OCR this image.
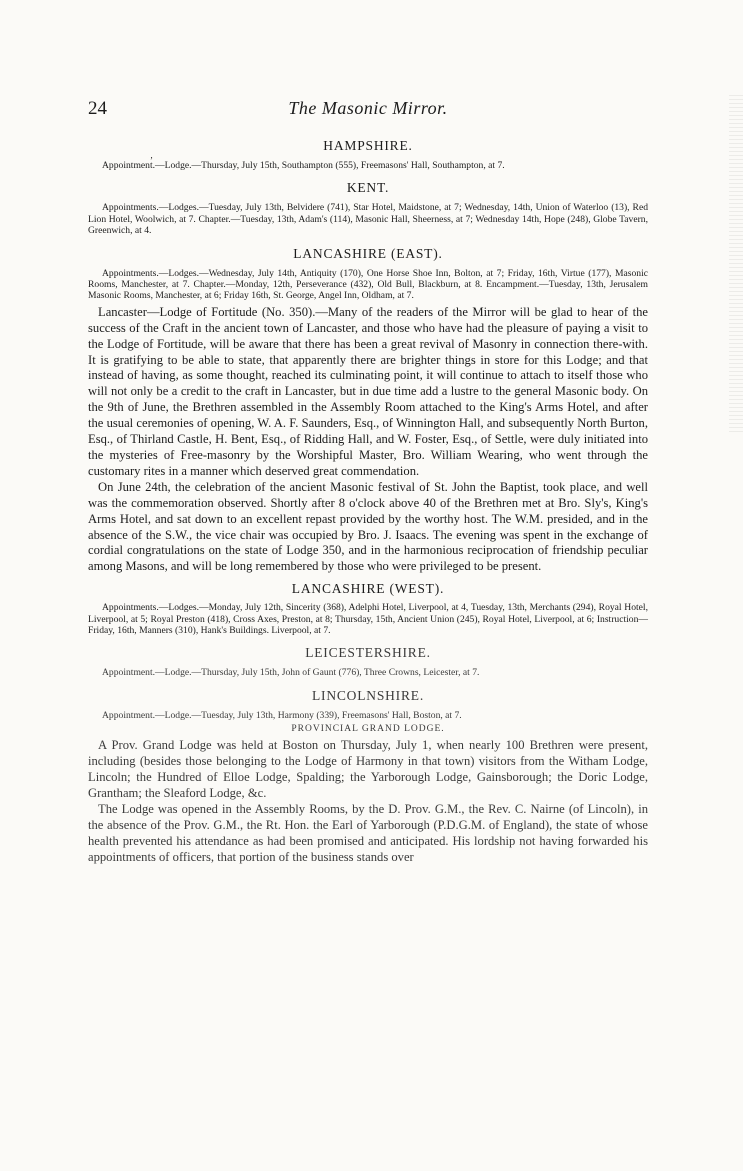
24	The Masonic Mirror.
‚
HAMPSHIRE.

Appointment.—Lodge.—Thursday, July 15th, Southampton (555), Freemasons' Hall, Southampton, at 7.

KENT.

Appointments.—Lodges.—Tuesday, July 13th, Belvidere (741), Star Hotel, Maidstone, at 7; Wednesday, 14th, Union of Waterloo (13), Red Lion Hotel, Woolwich, at 7. Chapter.—Tuesday, 13th, Adam's (114), Masonic Hall, Sheerness, at 7; Wednesday 14th, Hope (248), Globe Tavern, Greenwich, at 4.

LANCASHIRE (EAST).

Appointments.—Lodges.—Wednesday, July 14th, Antiquity (170), One Horse Shoe Inn, Bolton, at 7; Friday, 16th, Virtue (177), Masonic Rooms, Manchester, at 7. Chapter.—Monday, 12th, Perseverance (432), Old Bull, Blackburn, at 8. Encampment.—Tuesday, 13th, Jerusalem Masonic Rooms, Manchester, at 6; Friday 16th, St. George, Angel Inn, Oldham, at 7.

Lancaster—Lodge of Fortitude (No. 350).—Many of the readers of the Mirror will be glad to hear of the success of the Craft in the ancient town of Lancaster, and those who have had the pleasure of paying a visit to the Lodge of Fortitude, will be aware that there has been a great revival of Masonry in connection there-with. It is gratifying to be able to state, that apparently there are brighter things in store for this Lodge; and that instead of having, as some thought, reached its culminating point, it will continue to attach to itself those who will not only be a credit to the craft in Lancaster, but in due time add a lustre to the general Masonic body. On the 9th of June, the Brethren assembled in the Assembly Room attached to the King's Arms Hotel, and after the usual ceremonies of opening, W. A. F. Saunders, Esq., of Winnington Hall, and subsequently North Burton, Esq., of Thirland Castle, H. Bent, Esq., of Ridding Hall, and W. Foster, Esq., of Settle, were duly initiated into the mysteries of Free-masonry by the Worshipful Master, Bro. William Wearing, who went through the customary rites in a manner which deserved great commendation.

On June 24th, the celebration of the ancient Masonic festival of St. John the Baptist, took place, and well was the commemoration observed. Shortly after 8 o'clock above 40 of the Brethren met at Bro. Sly's, King's Arms Hotel, and sat down to an excellent repast provided by the worthy host. The W.M. presided, and in the absence of the S.W., the vice chair was occupied by Bro. J. Isaacs. The evening was spent in the exchange of cordial congratulations on the state of Lodge 350, and in the harmonious reciprocation of friendship peculiar among Masons, and will be long remembered by those who were privileged to be present.

LANCASHIRE (WEST).

Appointments.—Lodges.—Monday, July 12th, Sincerity (368), Adelphi Hotel, Liverpool, at 4, Tuesday, 13th, Merchants (294), Royal Hotel, Liverpool, at 5; Royal Preston (418), Cross Axes, Preston, at 8; Thursday, 15th, Ancient Union (245), Royal Hotel, Liverpool, at 6; Instruction—Friday, 16th, Manners (310), Hank's Buildings. Liverpool, at 7.

LEICESTERSHIRE.

Appointment.—Lodge.—Thursday, July 15th, John of Gaunt (776), Three Crowns, Leicester, at 7.

LINCOLNSHIRE.

Appointment.—Lodge.—Tuesday, July 13th, Harmony (339), Freemasons' Hall, Boston, at 7.

PROVINCIAL GRAND LODGE.

A Prov. Grand Lodge was held at Boston on Thursday, July 1, when nearly 100 Brethren were present, including (besides those belonging to the Lodge of Harmony in that town) visitors from the Witham Lodge, Lincoln; the Hundred of Elloe Lodge, Spalding; the Yarborough Lodge, Gainsborough; the Doric Lodge, Grantham; the Sleaford Lodge, &c.

The Lodge was opened in the Assembly Rooms, by the D. Prov. G.M., the Rev. C. Nairne (of Lincoln), in the absence of the Prov. G.M., the Rt. Hon. the Earl of Yarborough (P.D.G.M. of England), the state of whose health prevented his attendance as had been promised and anticipated. His lordship not having forwarded his appointments of officers, that portion of the business stands over
